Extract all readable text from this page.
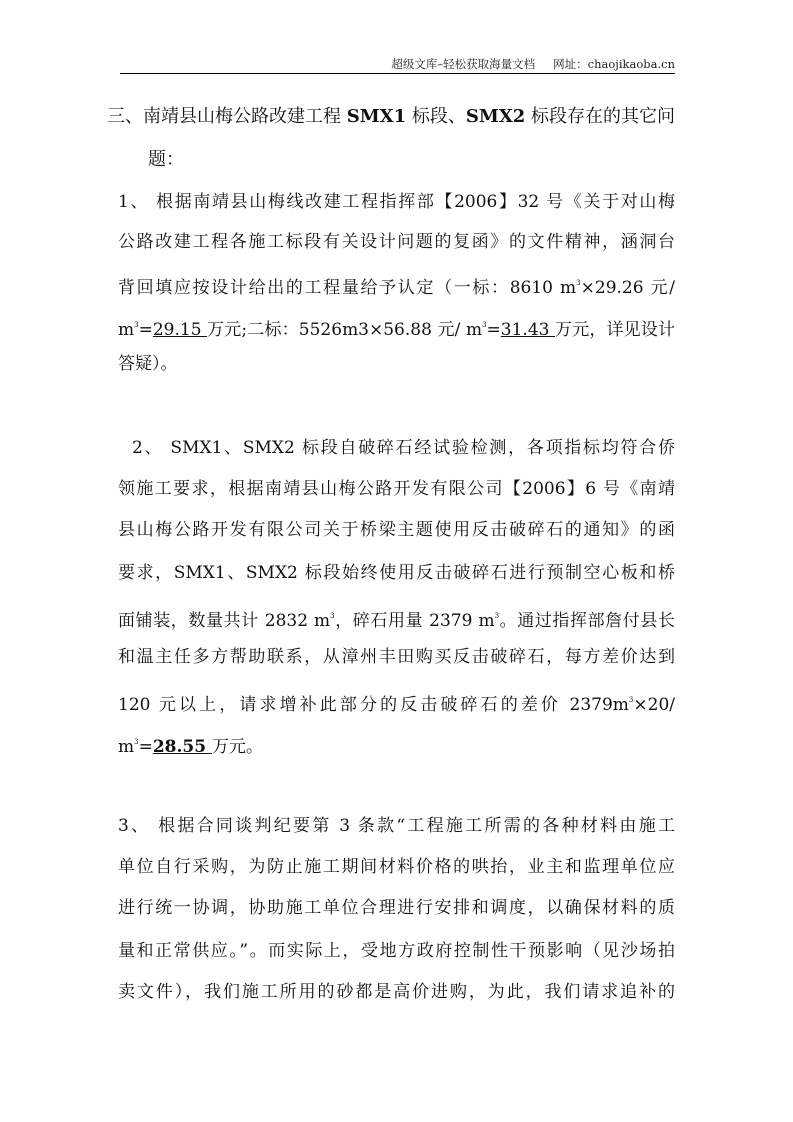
超级文库–轻松获取海量文档 网址：chaojikaoba.cn
三、南靖县山梅公路改建工程 SMX1 标段、SMX2 标段存在的其它问
题：
1、 根据南靖县山梅线改建工程指挥部【2006】32 号《关于对山梅
公路改建工程各施工标段有关设计问题的复函》的文件精神，涵洞台
背回填应按设计给出的工程量给予认定（一标：8610 $m^3\times 29.26$ 元/
$m^3=29.15$ 万元;二标：5526m3×56.88 元/ $m^3=31.43$ 万元，详见设计
答疑）。
2、 SMX1、SMX2 标段自破碎石经试验检测，各项指标均符合侨
领施工要求，根据南靖县山梅公路开发有限公司【2006】6 号《南靖
县山梅公路开发有限公司关于桥梁主题使用反击破碎石的通知》的函
要求，SMX1、SMX2 标段始终使用反击破碎石进行预制空心板和桥
面铺装，数量共计 2832 $m^3$，碎石用量 2379 $m^3$。通过指挥部詹付县长
和温主任多方帮助联系，从漳州丰田购买反击破碎石，每方差价达到
120 元以上，请求增补此部分的反击破碎石的差价 $2379m^3\times 20/$
$m^3=28.55$ 万元。
3、 根据合同谈判纪要第 3 条款“工程施工所需的各种材料由施工
单位自行采购，为防止施工期间材料价格的哄抬，业主和监理单位应
进行统一协调，协助施工单位合理进行安排和调度，以确保材料的质
量和正常供应。”。而实际上，受地方政府控制性干预影响（见沙场拍
卖文件），我们施工所用的砂都是高价进购，为此，我们请求追补的
